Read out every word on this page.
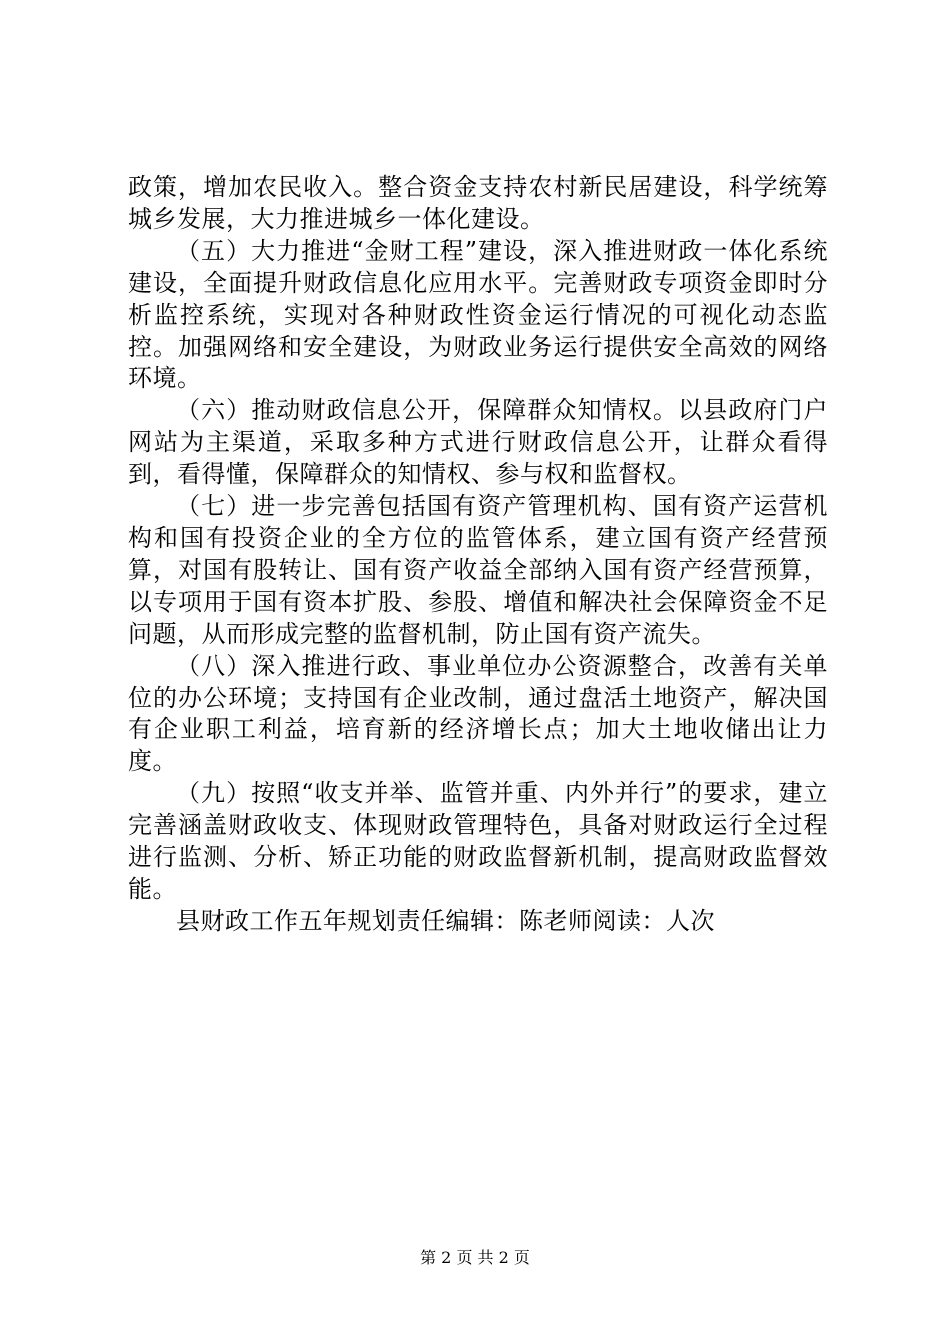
政策，增加农民收入。整合资金支持农村新民居建设，科学统筹城乡发展，大力推进城乡一体化建设。

（五）大力推进“金财工程”建设，深入推进财政一体化系统建设，全面提升财政信息化应用水平。完善财政专项资金即时分析监控系统，实现对各种财政性资金运行情况的可视化动态监控。加强网络和安全建设，为财政业务运行提供安全高效的网络环境。

（六）推动财政信息公开，保障群众知情权。以县政府门户网站为主渠道，采取多种方式进行财政信息公开，让群众看得到，看得懂，保障群众的知情权、参与权和监督权。

（七）进一步完善包括国有资产管理机构、国有资产运营机构和国有投资企业的全方位的监管体系，建立国有资产经营预算，对国有股转让、国有资产收益全部纳入国有资产经营预算，以专项用于国有资本扩股、参股、增值和解决社会保障资金不足问题，从而形成完整的监督机制，防止国有资产流失。

（八）深入推进行政、事业单位办公资源整合，改善有关单位的办公环境；支持国有企业改制，通过盘活土地资产，解决国有企业职工利益，培育新的经济增长点；加大土地收储出让力度。

（九）按照“收支并举、监管并重、内外并行”的要求，建立完善涵盖财政收支、体现财政管理特色，具备对财政运行全过程进行监测、分析、矫正功能的财政监督新机制，提高财政监督效能。

县财政工作五年规划责任编辑：陈老师阅读：人次

第 2 页 共 2 页
